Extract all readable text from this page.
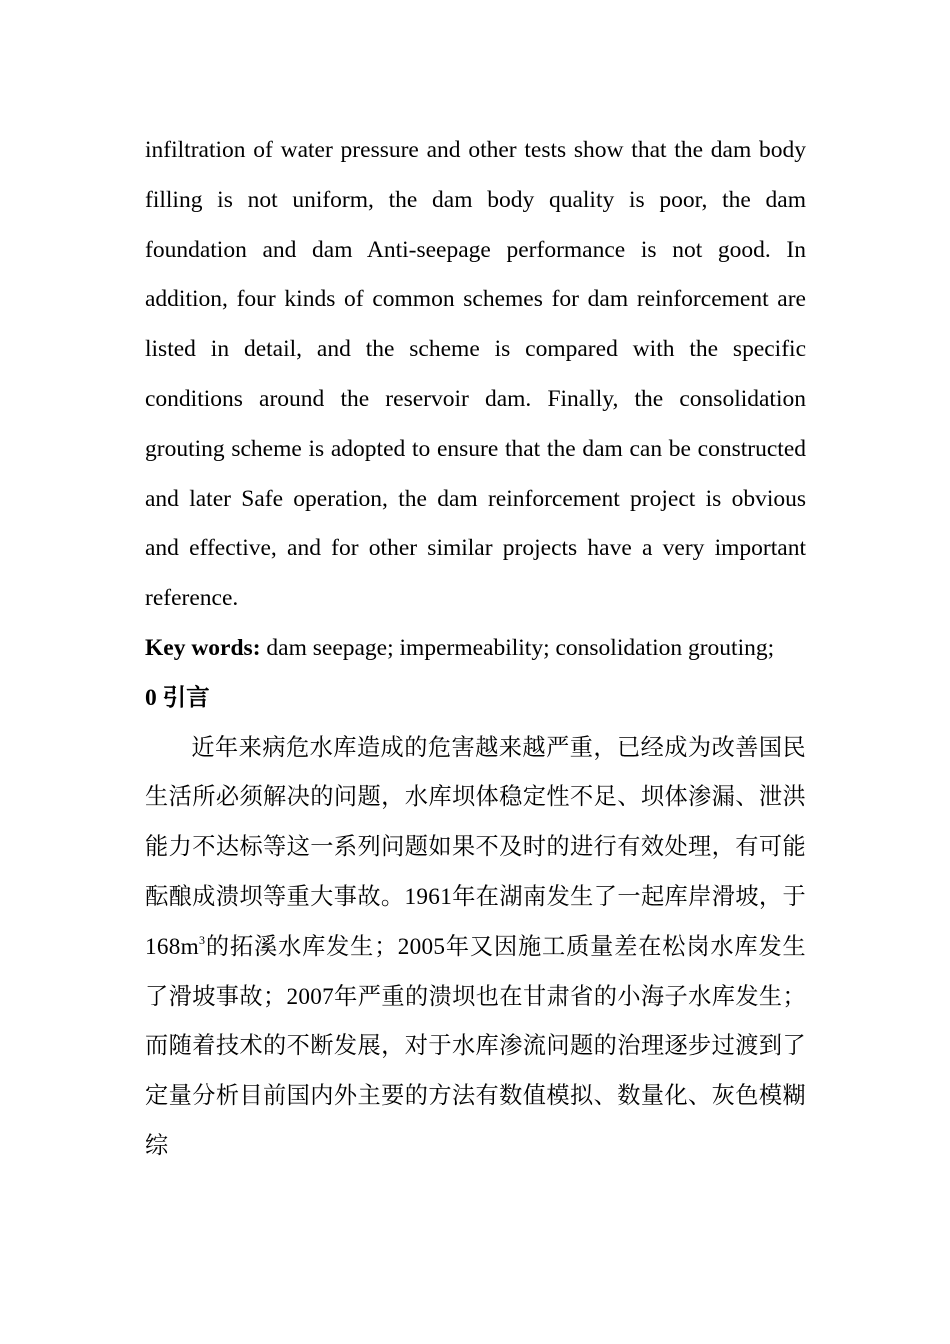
infiltration of water pressure and other tests show that the dam body filling is not uniform, the dam body quality is poor, the dam foundation and dam Anti-seepage performance is not good. In addition, four kinds of common schemes for dam reinforcement are listed in detail, and the scheme is compared with the specific conditions around the reservoir dam. Finally, the consolidation grouting scheme is adopted to ensure that the dam can be constructed and later Safe operation, the dam reinforcement project is obvious and effective, and for other similar projects have a very important reference.

Key words: dam seepage; impermeability; consolidation grouting;

0 引言

近年来病危水库造成的危害越来越严重，已经成为改善国民生活所必须解决的问题，水库坝体稳定性不足、坝体渗漏、泄洪能力不达标等这一系列问题如果不及时的进行有效处理，有可能酝酿成溃坝等重大事故。1961年在湖南发生了一起库岸滑坡，于$168m^3$的拓溪水库发生；2005年又因施工质量差在松岗水库发生了滑坡事故；2007年严重的溃坝也在甘肃省的小海子水库发生；而随着技术的不断发展，对于水库渗流问题的治理逐步过渡到了定量分析目前国内外主要的方法有数值模拟、数量化、灰色模糊综
